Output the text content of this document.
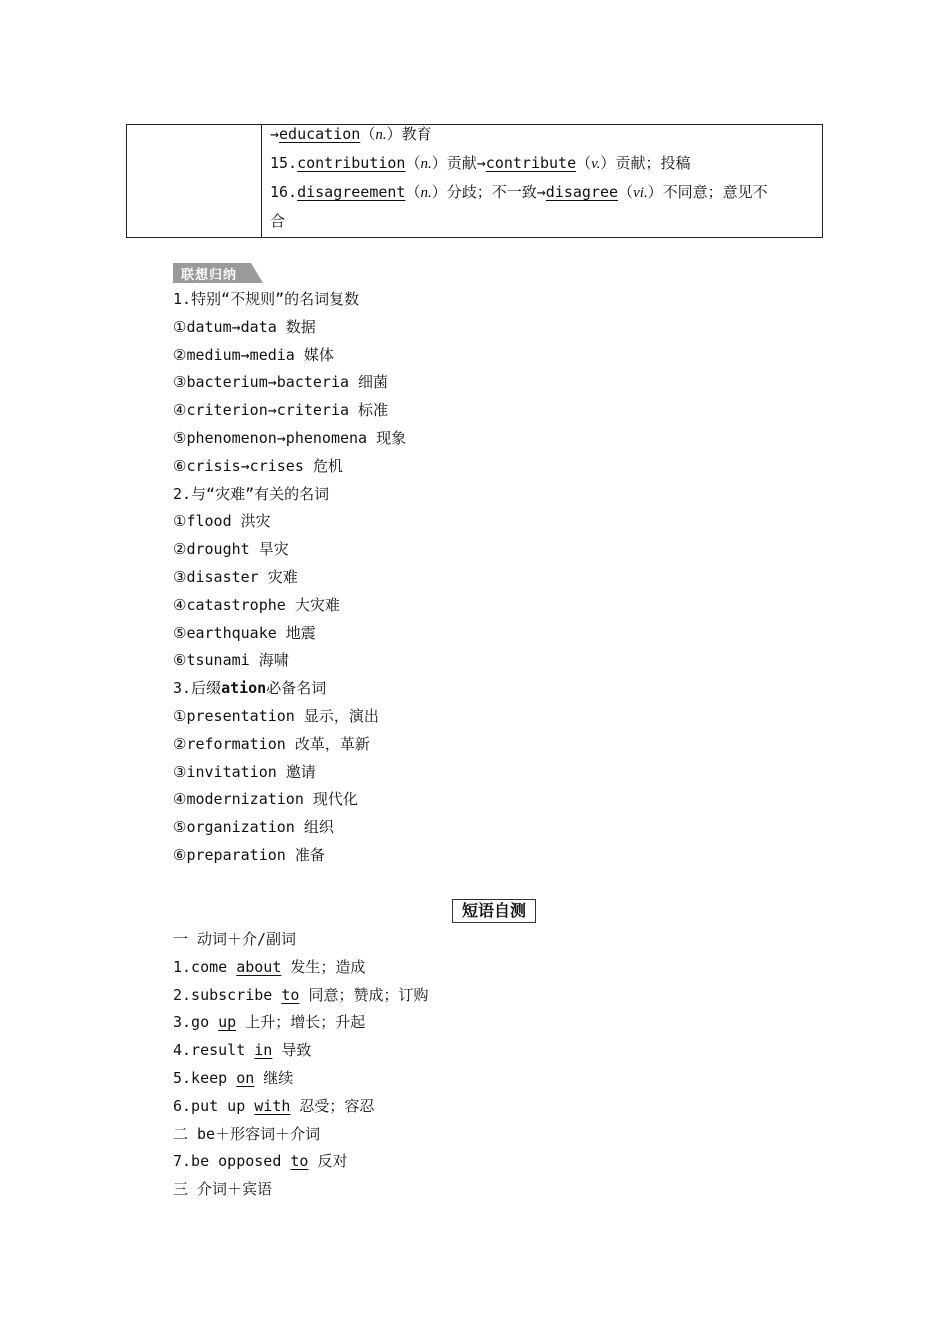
→education（n.）教育
15.contribution（n.）贡献→contribute（v.）贡献；投稿
16.disagreement（n.）分歧；不一致→disagree（vi.）不同意；意见不
合
联想归纳
1.特别“不规则”的名词复数
①datum→data 数据
②medium→media 媒体
③bacterium→bacteria 细菌
④criterion→criteria 标准
⑤phenomenon→phenomena 现象
⑥crisis→crises 危机
2.与“灾难”有关的名词
①flood 洪灾
②drought 旱灾
③disaster 灾难
④catastrophe 大灾难
⑤earthquake 地震
⑥tsunami 海啸
3.后缀ation必备名词
①presentation 显示，演出
②reformation 改革，革新
③invitation 邀请
④modernization 现代化
⑤organization 组织
⑥preparation 准备
短语自测
一 动词＋介/副词
1.come about 发生；造成
2.subscribe to 同意；赞成；订购
3.go up 上升；增长；升起
4.result in 导致
5.keep on 继续
6.put up with 忍受；容忍
二 be＋形容词＋介词
7.be opposed to 反对
三 介词＋宾语
